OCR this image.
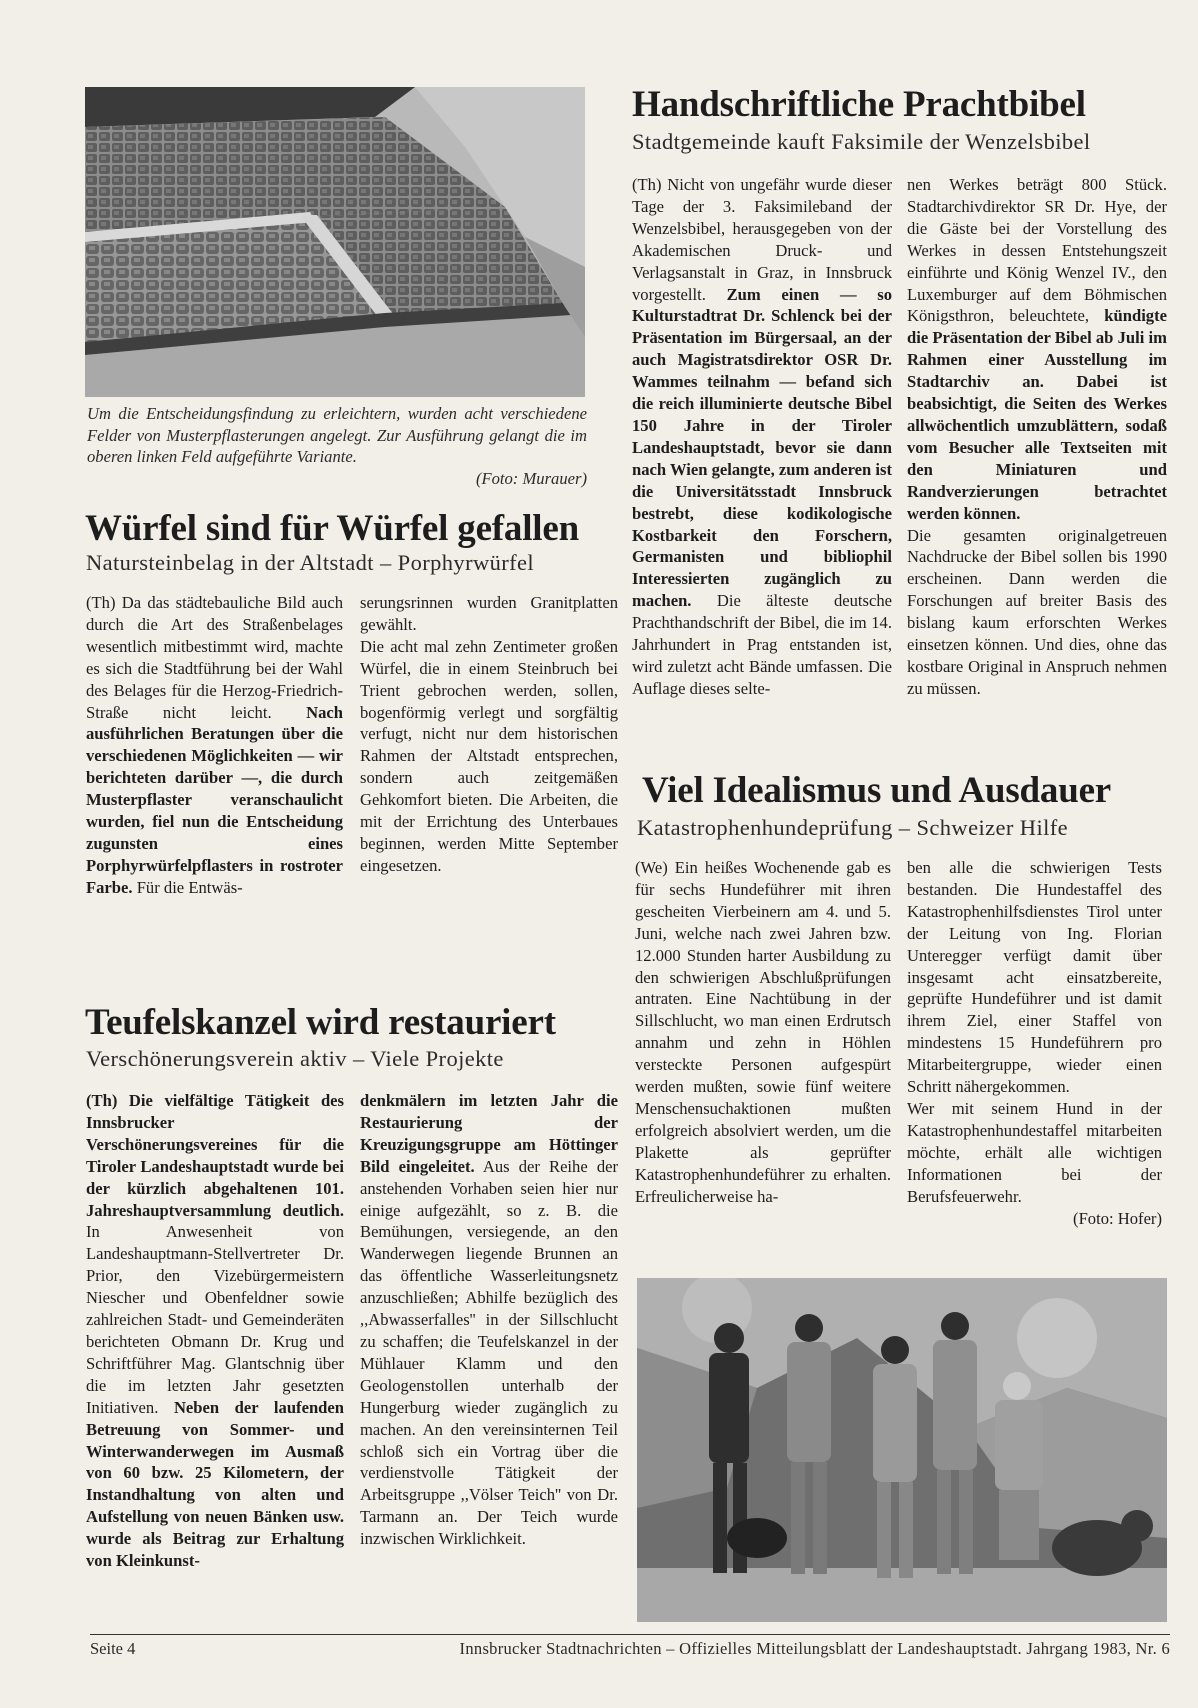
Um die Entscheidungsfindung zu erleichtern, wurden acht verschiedene Felder von Musterpflasterungen angelegt. Zur Ausführung gelangt die im oberen linken Feld aufgeführte Variante.
(Foto: Murauer)
Würfel sind für Würfel gefallen
Natursteinbelag in der Altstadt – Porphyrwürfel

(Th) Da das städtebauliche Bild auch durch die Art des Straßenbelages wesentlich mitbestimmt wird, machte es sich die Stadtführung bei der Wahl des Belages für die Herzog-Friedrich-Straße nicht leicht. Nach ausführlichen Beratungen über die verschiedenen Möglichkeiten — wir berichteten darüber —, die durch Musterpflaster veranschaulicht wurden, fiel nun die Entscheidung zugunsten eines Porphyrwürfelpflasters in rostroter Farbe. Für die Entwäs-

serungsrinnen wurden Granitplatten gewählt.

Die acht mal zehn Zentimeter großen Würfel, die in einem Steinbruch bei Trient gebrochen werden, sollen, bogenförmig verlegt und sorgfältig verfugt, nicht nur dem historischen Rahmen der Altstadt entsprechen, sondern auch zeitgemäßen Gehkomfort bieten. Die Arbeiten, die mit der Errichtung des Unterbaues beginnen, werden Mitte September eingesetzen.

Teufelskanzel wird restauriert
Verschönerungsverein aktiv – Viele Projekte

(Th) Die vielfältige Tätigkeit des Innsbrucker Verschönerungsvereines für die Tiroler Landeshauptstadt wurde bei der kürzlich abgehaltenen 101. Jahreshauptversammlung deutlich. In Anwesenheit von Landeshauptmann-Stellvertreter Dr. Prior, den Vizebürgermeistern Niescher und Obenfeldner sowie zahlreichen Stadt- und Gemeinderäten berichteten Obmann Dr. Krug und Schriftführer Mag. Glantschnig über die im letzten Jahr gesetzten Initiativen. Neben der laufenden Betreuung von Sommer- und Winterwanderwegen im Ausmaß von 60 bzw. 25 Kilometern, der Instandhaltung von alten und Aufstellung von neuen Bänken usw. wurde als Beitrag zur Erhaltung von Kleinkunst-

denkmälern im letzten Jahr die Restaurierung der Kreuzigungsgruppe am Höttinger Bild eingeleitet. Aus der Reihe der anstehenden Vorhaben seien hier nur einige aufgezählt, so z. B. die Bemühungen, versiegende, an den Wanderwegen liegende Brunnen an das öffentliche Wasserleitungsnetz anzuschließen; Abhilfe bezüglich des ,,Abwasserfalles'' in der Sillschlucht zu schaffen; die Teufelskanzel in der Mühlauer Klamm und den Geologenstollen unterhalb der Hungerburg wieder zugänglich zu machen. An den vereinsinternen Teil schloß sich ein Vortrag über die verdienstvolle Tätigkeit der Arbeitsgruppe ,,Völser Teich'' von Dr. Tarmann an. Der Teich wurde inzwischen Wirklichkeit.

Handschriftliche Prachtbibel
Stadtgemeinde kauft Faksimile der Wenzelsbibel

(Th) Nicht von ungefähr wurde dieser Tage der 3. Faksimileband der Wenzelsbibel, herausgegeben von der Akademischen Druck- und Verlagsanstalt in Graz, in Innsbruck vorgestellt. Zum einen — so Kulturstadtrat Dr. Schlenck bei der Präsentation im Bürgersaal, an der auch Magistratsdirektor OSR Dr. Wammes teilnahm — befand sich die reich illuminierte deutsche Bibel 150 Jahre in der Tiroler Landeshauptstadt, bevor sie dann nach Wien gelangte, zum anderen ist die Universitätsstadt Innsbruck bestrebt, diese kodikologische Kostbarkeit den Forschern, Germanisten und bibliophil Interessierten zugänglich zu machen. Die älteste deutsche Prachthandschrift der Bibel, die im 14. Jahrhundert in Prag entstanden ist, wird zuletzt acht Bände umfassen. Die Auflage dieses selte-

nen Werkes beträgt 800 Stück. Stadtarchivdirektor SR Dr. Hye, der die Gäste bei der Vorstellung des Werkes in dessen Entstehungszeit einführte und König Wenzel IV., den Luxemburger auf dem Böhmischen Königsthron, beleuchtete, kündigte die Präsentation der Bibel ab Juli im Rahmen einer Ausstellung im Stadtarchiv an. Dabei ist beabsichtigt, die Seiten des Werkes allwöchentlich umzublättern, sodaß vom Besucher alle Textseiten mit den Miniaturen und Randverzierungen betrachtet werden können.

Die gesamten originalgetreuen Nachdrucke der Bibel sollen bis 1990 erscheinen. Dann werden die Forschungen auf breiter Basis des bislang kaum erforschten Werkes einsetzen können. Und dies, ohne das kostbare Original in Anspruch nehmen zu müssen.

Viel Idealismus und Ausdauer
Katastrophenhundeprüfung – Schweizer Hilfe

(We) Ein heißes Wochenende gab es für sechs Hundeführer mit ihren gescheiten Vierbeinern am 4. und 5. Juni, welche nach zwei Jahren bzw. 12.000 Stunden harter Ausbildung zu den schwierigen Abschlußprüfungen antraten. Eine Nachtübung in der Sillschlucht, wo man einen Erdrutsch annahm und zehn in Höhlen versteckte Personen aufgespürt werden mußten, sowie fünf weitere Menschensuchaktionen mußten erfolgreich absolviert werden, um die Plakette als geprüfter Katastrophenhundeführer zu erhalten. Erfreulicherweise ha-

ben alle die schwierigen Tests bestanden. Die Hundestaffel des Katastrophenhilfsdienstes Tirol unter der Leitung von Ing. Florian Unteregger verfügt damit über insgesamt acht einsatzbereite, geprüfte Hundeführer und ist damit ihrem Ziel, einer Staffel von mindestens 15 Hundeführern pro Mitarbeitergruppe, wieder einen Schritt nähergekommen.

Wer mit seinem Hund in der Katastrophenhundestaffel mitarbeiten möchte, erhält alle wichtigen Informationen bei der Berufsfeuerwehr.

(Foto: Hofer)

Seite 4	Innsbrucker Stadtnachrichten – Offizielles Mitteilungsblatt der Landeshauptstadt. Jahrgang 1983, Nr. 6
